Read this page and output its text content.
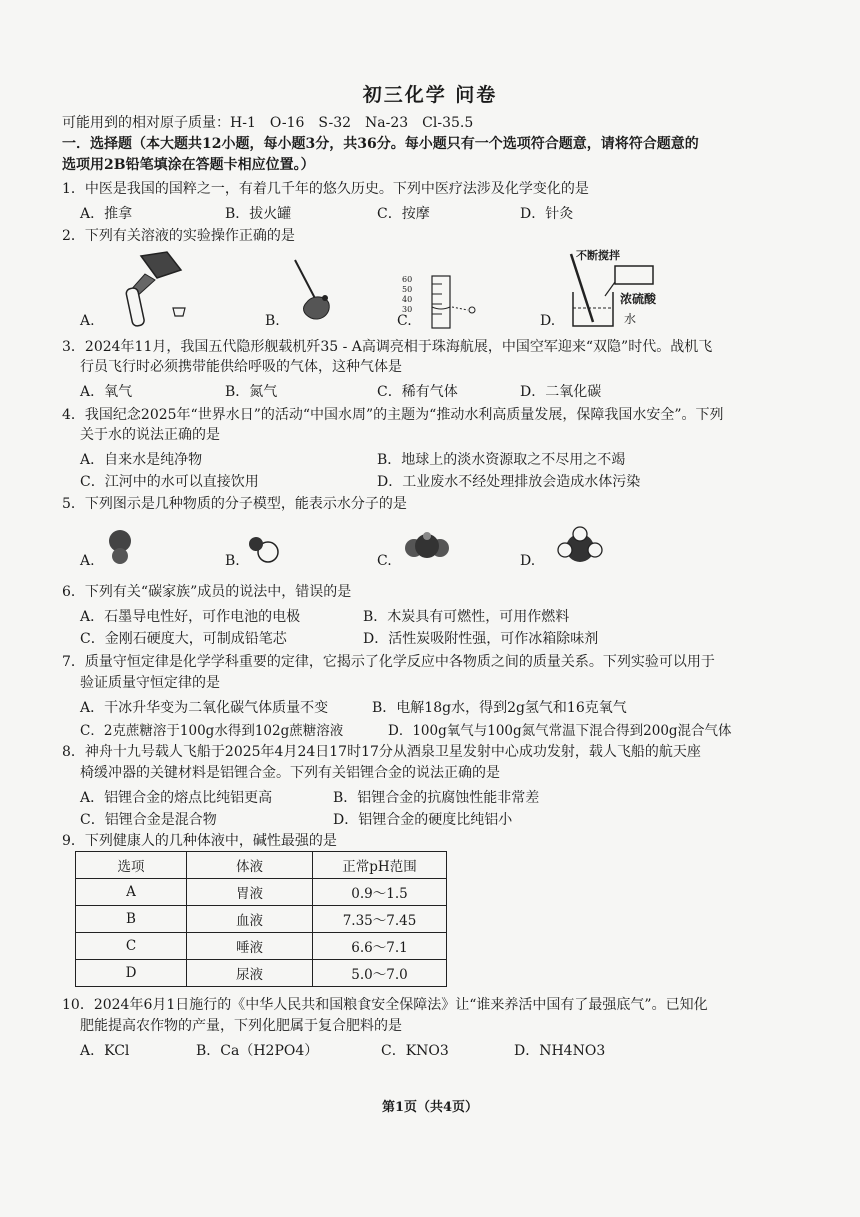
初三化学 问卷
可能用到的相对原子质量：H-1　O-16　S-32　Na-23　Cl-35.5
一．选择题（本大题共12小题，每小题3分，共36分。每小题只有一个选项符合题意，请将符合题意的
选项用2B铅笔填涂在答题卡相应位置。）
1．中医是我国的国粹之一，有着几千年的悠久历史。下列中医疗法涉及化学变化的是
A．推拿	B．拔火罐	C．按摩	D．针灸
2．下列有关溶液的实验操作正确的是
60
50
40
30
不断搅拌
浓硫酸
水
A.	B.	C.	D.
3．2024年11月，我国五代隐形舰载机歼35 - A高调亮相于珠海航展，中国空军迎来“双隐”时代。战机飞
行员飞行时必须携带能供给呼吸的气体，这种气体是
A．氧气	B．氮气	C．稀有气体	D．二氧化碳
4．我国纪念2025年“世界水日”的活动“中国水周”的主题为“推动水利高质量发展，保障我国水安全”。下列
关于水的说法正确的是
A．自来水是纯净物	B．地球上的淡水资源取之不尽用之不竭
C．江河中的水可以直接饮用	D．工业废水不经处理排放会造成水体污染
5．下列图示是几种物质的分子模型，能表示水分子的是
A.	B.	C.	D.
6．下列有关“碳家族”成员的说法中，错误的是
A．石墨导电性好，可作电池的电极	B．木炭具有可燃性，可用作燃料
C．金刚石硬度大，可制成铅笔芯	D．活性炭吸附性强，可作冰箱除味剂
7．质量守恒定律是化学学科重要的定律，它揭示了化学反应中各物质之间的质量关系。下列实验可以用于
验证质量守恒定律的是
A．干冰升华变为二氧化碳气体质量不变	B．电解18g水，得到2g氢气和16克氧气
C．2克蔗糖溶于100g水得到102g蔗糖溶液	D．100g氧气与100g氮气常温下混合得到200g混合气体
8．神舟十九号载人飞船于2025年4月24日17时17分从酒泉卫星发射中心成功发射，载人飞船的航天座
椅缓冲器的关键材料是铝锂合金。下列有关铝锂合金的说法正确的是
A．铝锂合金的熔点比纯铝更高	B．铝锂合金的抗腐蚀性能非常差
C．铝锂合金是混合物	D．铝锂合金的硬度比纯铝小
9．下列健康人的几种体液中，碱性最强的是
选项	体液	正常pH范围
A	胃液	0.9～1.5
B	血液	7.35～7.45
C	唾液	6.6～7.1
D	尿液	5.0～7.0
10．2024年6月1日施行的《中华人民共和国粮食安全保障法》让“谁来养活中国有了最强底气”。已知化
肥能提高农作物的产量，下列化肥属于复合肥料的是
A．KCl	B．Ca（H2PO4）	C．KNO3	D．NH4NO3
第1页（共4页）
